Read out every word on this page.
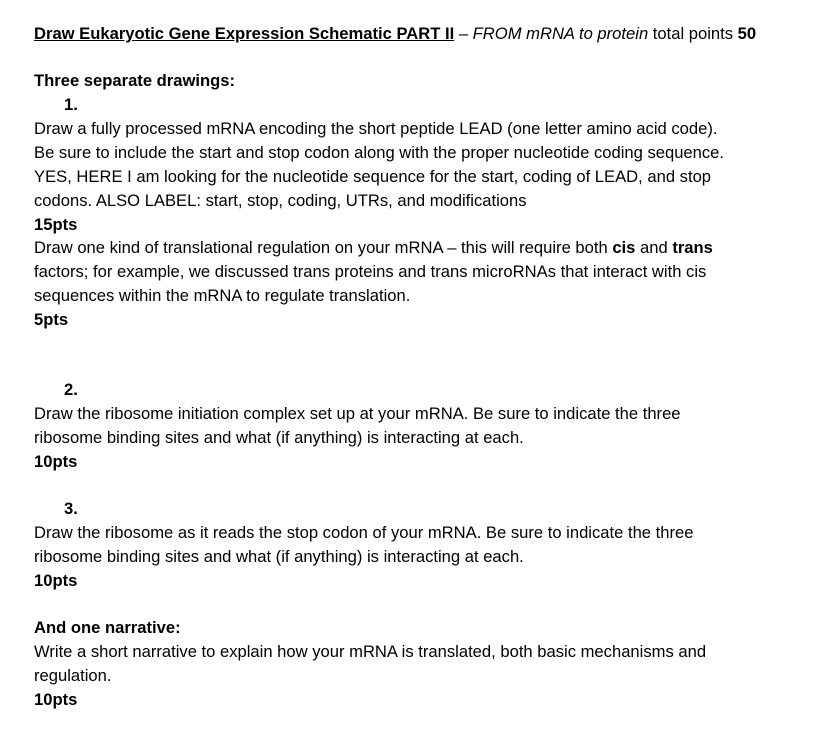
Draw Eukaryotic Gene Expression Schematic PART II – FROM mRNA to protein total points 50
Three separate drawings:
1.
Draw a fully processed mRNA encoding the short peptide LEAD (one letter amino acid code).
Be sure to include the start and stop codon along with the proper nucleotide coding sequence.
YES, HERE I am looking for the nucleotide sequence for the start, coding of LEAD, and stop
codons. ALSO LABEL: start, stop, coding, UTRs, and modifications
15pts
Draw one kind of translational regulation on your mRNA – this will require both cis and trans
factors; for example, we discussed trans proteins and trans microRNAs that interact with cis
sequences within the mRNA to regulate translation.
5pts
2.
Draw the ribosome initiation complex set up at your mRNA. Be sure to indicate the three
ribosome binding sites and what (if anything) is interacting at each.
10pts
3.
Draw the ribosome as it reads the stop codon of your mRNA. Be sure to indicate the three
ribosome binding sites and what (if anything) is interacting at each.
10pts
And one narrative:
Write a short narrative to explain how your mRNA is translated, both basic mechanisms and
regulation.
10pts
